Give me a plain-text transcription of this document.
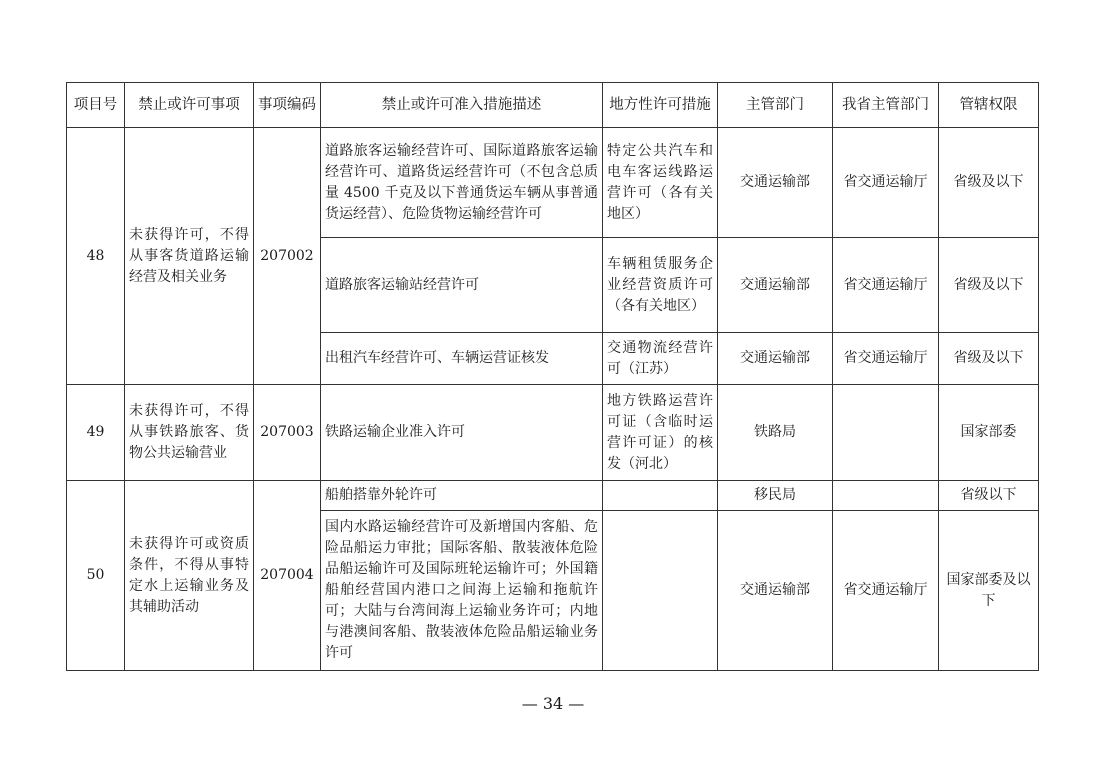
项目号	禁止或许可事项	事项编码	禁止或许可准入措施描述	地方性许可措施	主管部门	我省主管部门	管辖权限
48	未获得许可，不得从事客货道路运输经营及相关业务	207002	道路旅客运输经营许可、国际道路旅客运输经营许可、道路货运经营许可（不包含总质量 4500 千克及以下普通货运车辆从事普通货运经营）、危险货物运输经营许可	特定公共汽车和电车客运线路运营许可（各有关地区）	交通运输部	省交通运输厅	省级及以下
			道路旅客运输站经营许可	车辆租赁服务企业经营资质许可（各有关地区）	交通运输部	省交通运输厅	省级及以下
			出租汽车经营许可、车辆运营证核发	交通物流经营许可（江苏）	交通运输部	省交通运输厅	省级及以下
49	未获得许可，不得从事铁路旅客、货物公共运输营业	207003	铁路运输企业准入许可	地方铁路运营许可证（含临时运营许可证）的核发（河北）	铁路局		国家部委
50	未获得许可或资质条件，不得从事特定水上运输业务及其辅助活动	207004	船舶搭靠外轮许可		移民局		省级以下
			国内水路运输经营许可及新增国内客船、危险品船运力审批；国际客船、散装液体危险品船运输许可及国际班轮运输许可；外国籍船舶经营国内港口之间海上运输和拖航许可；大陆与台湾间海上运输业务许可；内地与港澳间客船、散装液体危险品船运输业务许可		交通运输部	省交通运输厅	国家部委及以下
— 34 —
